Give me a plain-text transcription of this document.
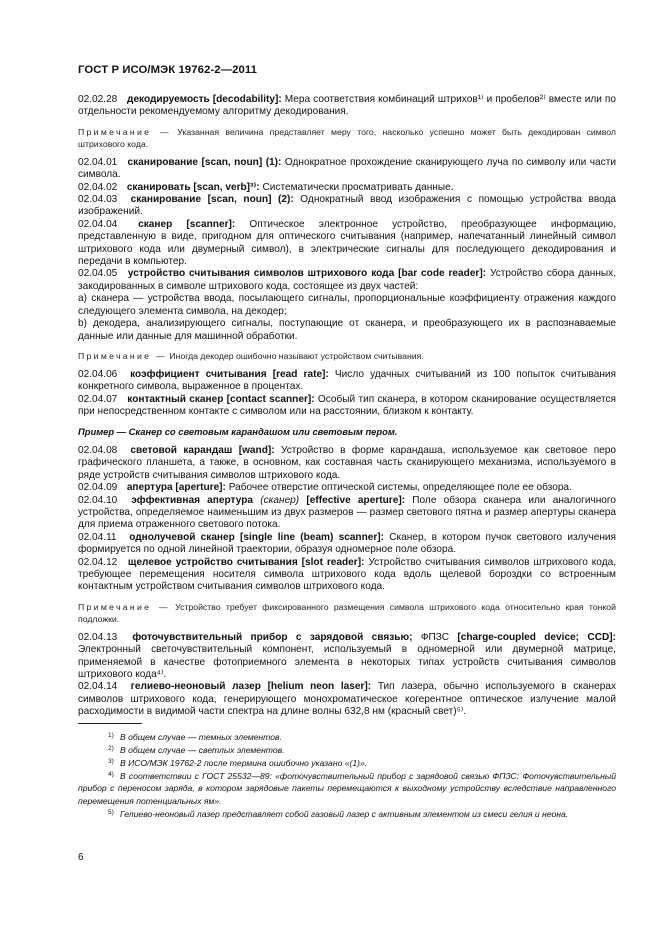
ГОСТ Р ИСО/МЭК 19762-2—2011

02.02.28 декодируемость [decodability]: Мера соответствия комбинаций штрихов¹⁾ и пробелов²⁾ вместе или по отдельности рекомендуемому алгоритму декодирования.

Примечание — Указанная величина представляет меру того, насколько успешно может быть декодирован символ штрихового кода.

02.04.01 сканирование [scan, noun] (1): Однократное прохождение сканирующего луча по символу или части символа.

02.04.02 сканировать [scan, verb]³⁾: Систематически просматривать данные.

02.04.03 сканирование [scan, noun] (2): Однократный ввод изображения с помощью устройства ввода изображений.

02.04.04 сканер [scanner]: Оптическое электронное устройство, преобразующее информацию, представленную в виде, пригодном для оптического считывания (например, напечатанный линейный символ штрихового кода или двумерный символ), в электрические сигналы для последующего декодирования и передачи в компьютер.

02.04.05 устройство считывания символов штрихового кода [bar code reader]: Устройство сбора данных, закодированных в символе штрихового кода, состоящее из двух частей:

а) сканера — устройства ввода, посылающего сигналы, пропорциональные коэффициенту отражения каждого следующего элемента символа, на декодер;

b) декодера, анализирующего сигналы, поступающие от сканера, и преобразующего их в распознаваемые данные или данные для машинной обработки.

Примечание — Иногда декодер ошибочно называют устройством считывания.

02.04.06 коэффициент считывания [read rate]: Число удачных считываний из 100 попыток считывания конкретного символа, выраженное в процентах.

02.04.07 контактный сканер [contact scanner]: Особый тип сканера, в котором сканирование осуществляется при непосредственном контакте с символом или на расстоянии, близком к контакту.

Пример — Сканер со световым карандашом или световым пером.

02.04.08 световой карандаш [wand]: Устройство в форме карандаша, используемое как световое перо графического планшета, а также, в основном, как составная часть сканирующего механизма, используемого в ряде устройств считывания символов штрихового кода.

02.04.09 апертура [aperture]: Рабочее отверстие оптической системы, определяющее поле ее обзора.

02.04.10 эффективная апертура (сканер) [effective aperture]: Поле обзора сканера или аналогичного устройства, определяемое наименьшим из двух размеров — размер светового пятна и размер апертуры сканера для приема отраженного светового потока.

02.04.11 однолучевой сканер [single line (beam) scanner]: Сканер, в котором пучок светового излучения формируется по одной линейной траектории, образуя одномерное поле обзора.

02.04.12 щелевое устройство считывания [slot reader]: Устройство считывания символов штрихового кода, требующее перемещения носителя символа штрихового кода вдоль щелевой бороздки со встроенным контактным устройством считывания символов штрихового кода.

Примечание — Устройство требует фиксированного размещения символа штрихового кода относительно края тонкой подложки.

02.04.13 фоточувствительный прибор с зарядовой связью; ФПЗС [charge-coupled device; CCD]: Электронный светочувствительный компонент, используемый в одномерной или двумерной матрице, применяемой в качестве фотоприемного элемента в некоторых типах устройств считывания символов штрихового кода⁴⁾.

02.04.14 гелиево-неоновый лазер [helium neon laser]: Тип лазера, обычно используемого в сканерах символов штрихового кода, генерирующего монохроматическое когерентное оптическое излучение малой расходимости в видимой части спектра на длине волны 632,8 нм (красный свет)⁵⁾.

1) В общем случае — темных элементов.

2) В общем случае — светлых элементов.

3) В ИСО/МЭК 19762-2 после термина ошибочно указано «(1)».

4) В соответствии с ГОСТ 25532—89: «фоточувствительный прибор с зарядовой связью ФПЗС: Фоточувствительный прибор с переносом заряда, в котором зарядовые пакеты перемещаются к выходному устройству вследствие направленного перемещения потенциальных ям».

5) Гелиево-неоновый лазер представляет собой газовый лазер с активным элементом из смеси гелия и неона.

6
